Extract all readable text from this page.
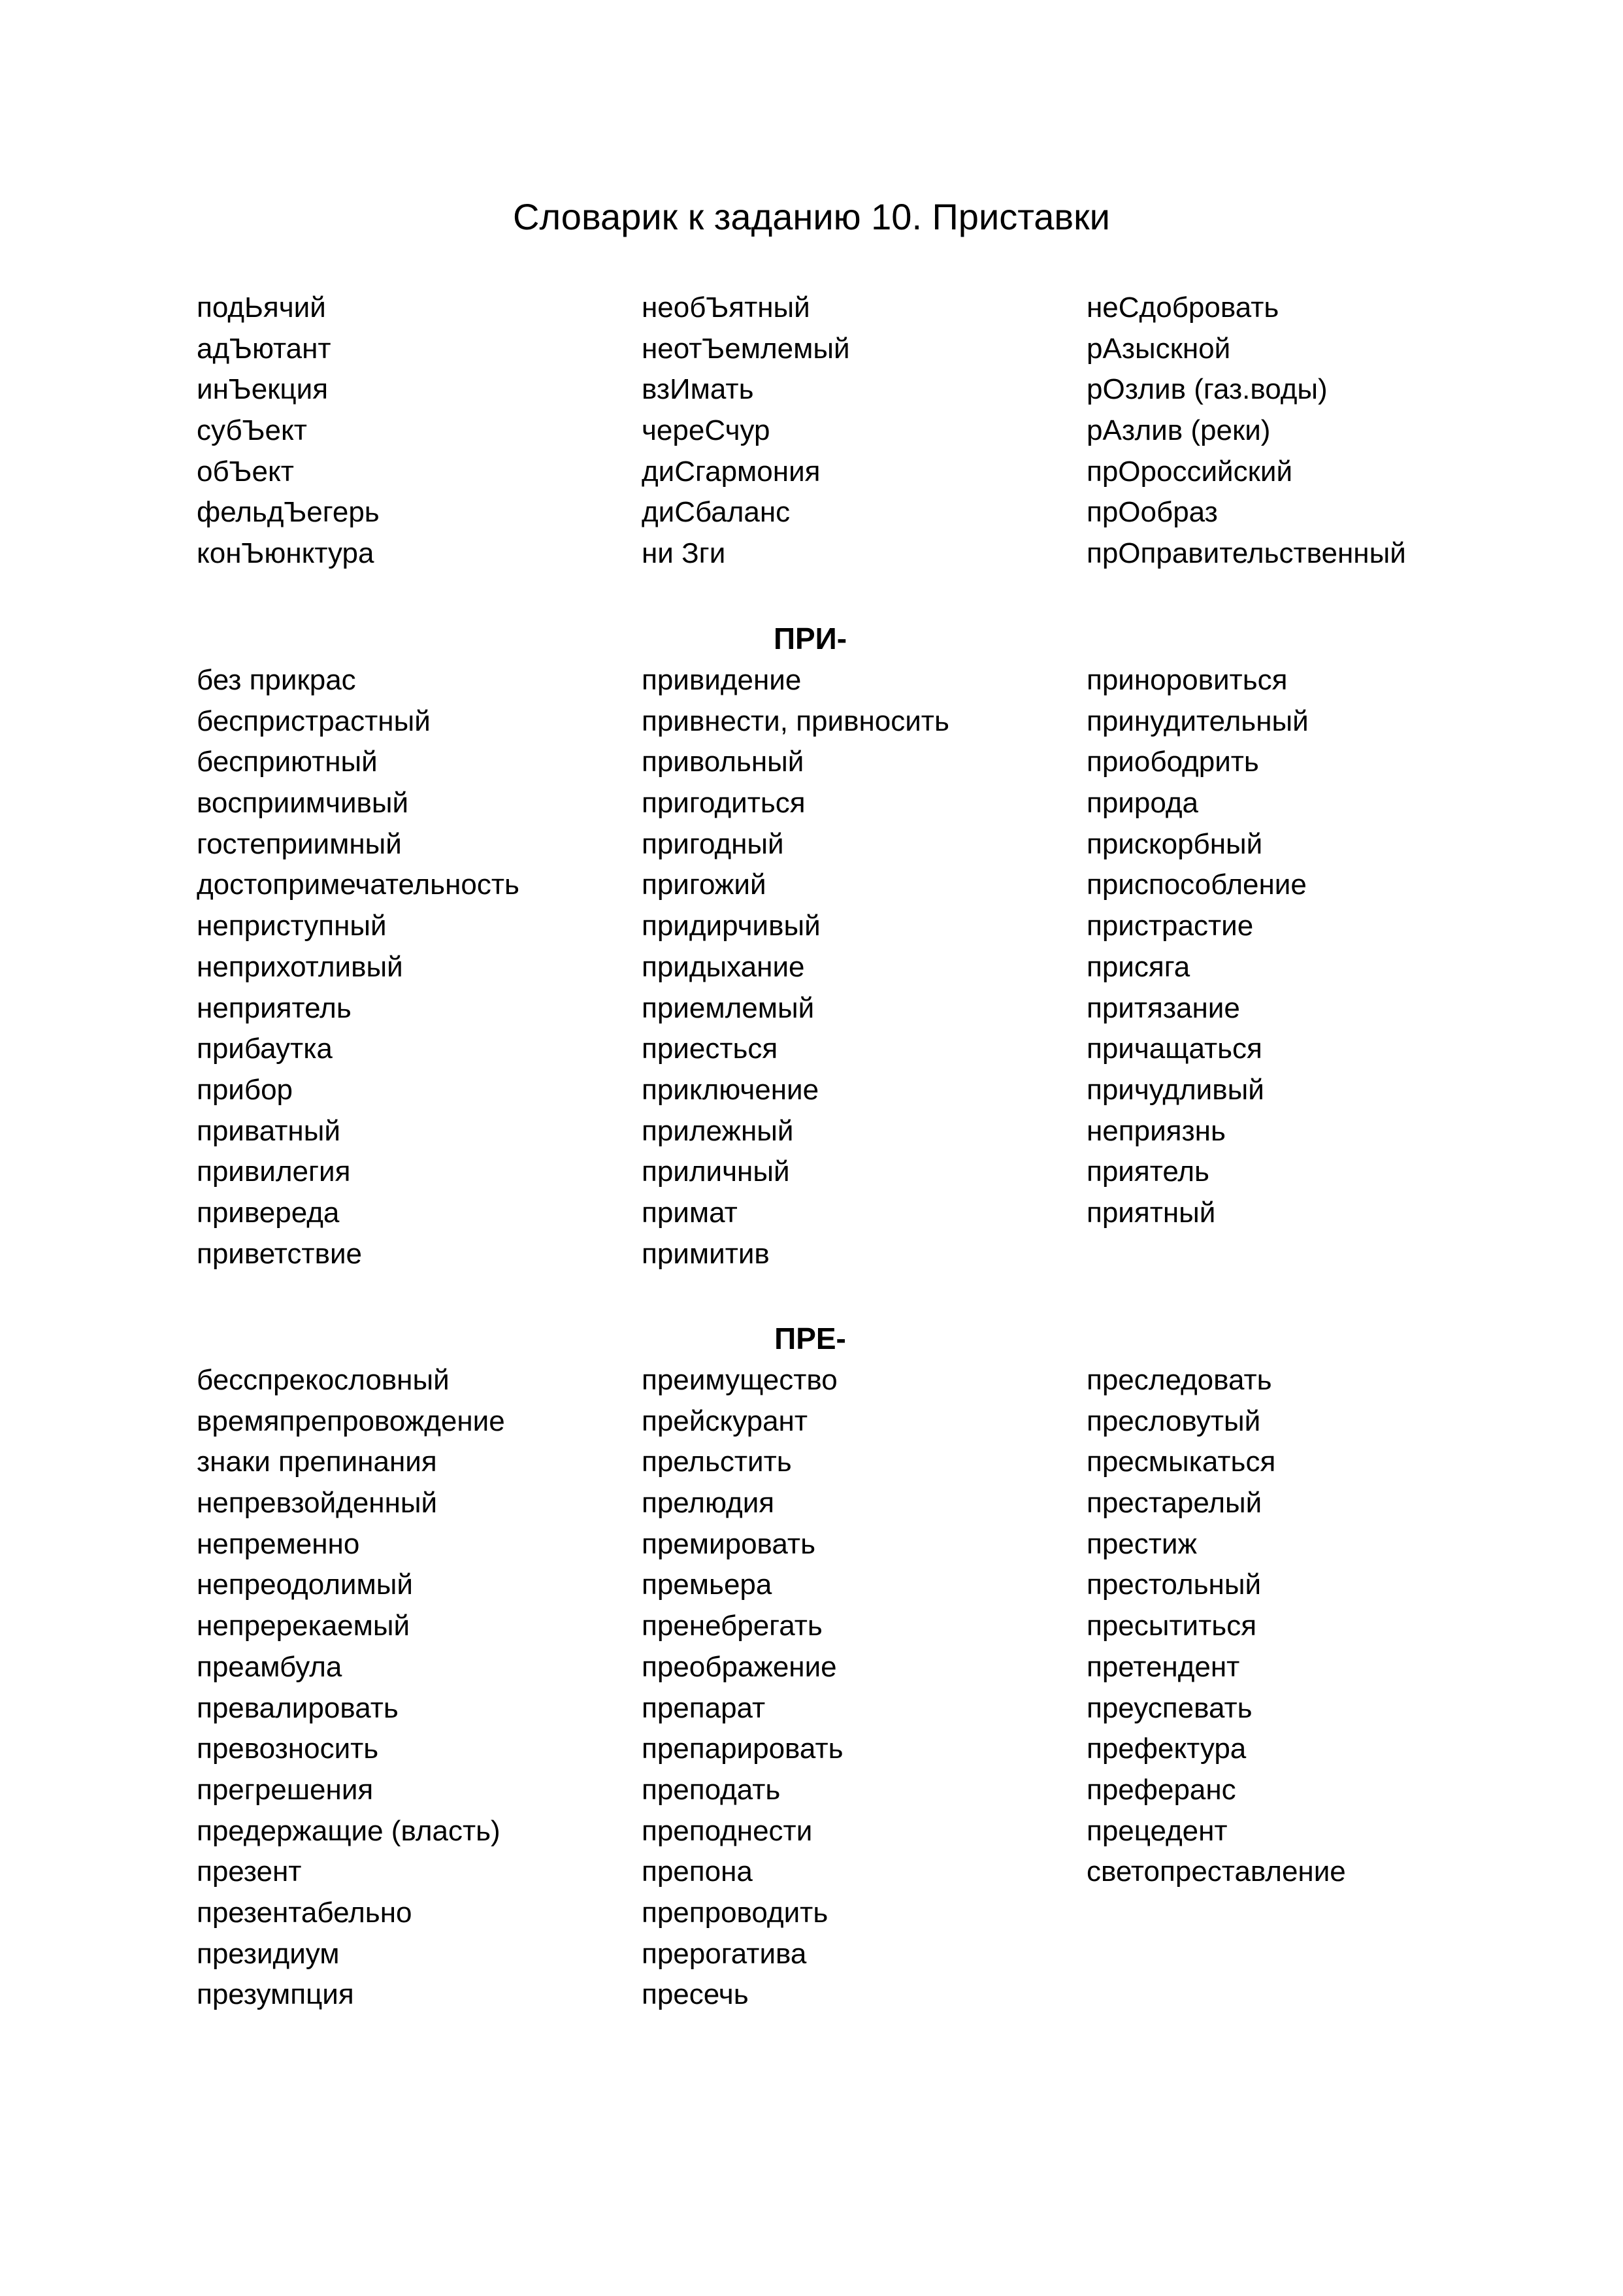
Словарик к заданию 10. Приставки
подЬячий
адЪютант
инЪекция
субЪект
обЪект
фельдЪегерь
конЪюнктура
необЪятный
неотЪемлемый
взИмать
череСчур
диСгармония
диСбаланс
ни Зги
неСдобровать
рАзыскной
рОзлив (газ.воды)
рАзлив (реки)
прОроссийский
прОобраз
прОправительственный
ПРИ-
без прикрас
беспристрастный
бесприютный
восприимчивый
гостеприимный
достопримечательность
неприступный
неприхотливый
неприятель
прибаутка
прибор
приватный
привилегия
привереда
приветствие
привидение
привнести, привносить
привольный
пригодиться
пригодный
пригожий
придирчивый
придыхание
приемлемый
приесться
приключение
прилежный
приличный
примат
примитив
приноровиться
принудительный
приободрить
природа
прискорбный
приспособление
пристрастие
присяга
притязание
причащаться
причудливый
неприязнь
приятель
приятный
ПРЕ-
бесспрекословный
времяпрепровождение
знаки препинания
непревзойденный
непременно
непреодолимый
непререкаемый
преамбула
превалировать
превозносить
прегрешения
предержащие (власть)
презент
презентабельно
президиум
презумпция
преимущество
прейскурант
прельстить
прелюдия
премировать
премьера
пренебрегать
преображение
препарат
препарировать
преподать
преподнести
препона
препроводить
прерогатива
пресечь
преследовать
пресловутый
пресмыкаться
престарелый
престиж
престольный
пресытиться
претендент
преуспевать
префектура
преферанс
прецедент
светопреставление
